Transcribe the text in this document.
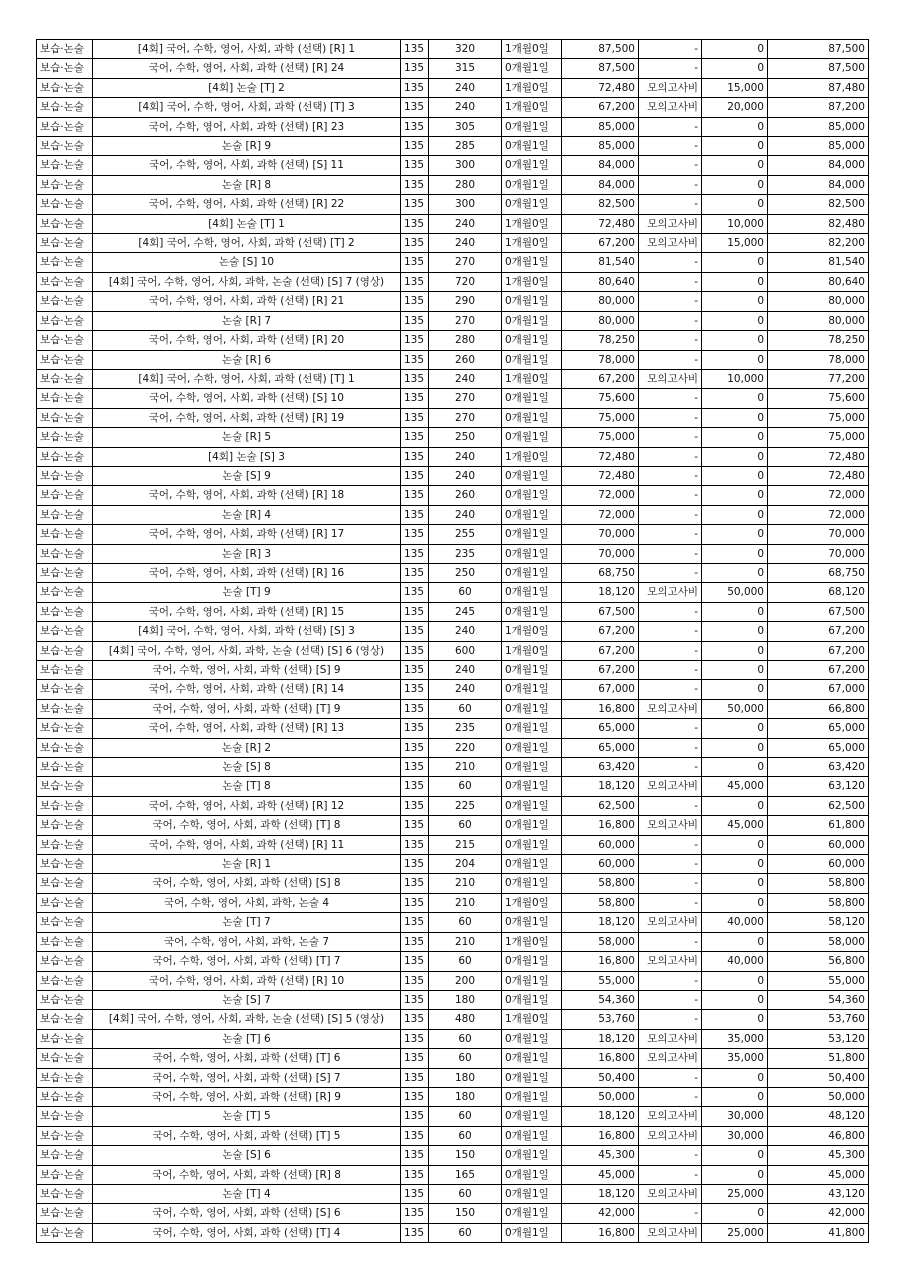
보습·논술	[4회] 국어, 수학, 영어, 사회, 과학 (선택) [R] 1	135	320	1개월0일	87,500	-	0	87,500
보습·논술	국어, 수학, 영어, 사회, 과학 (선택) [R] 24	135	315	0개월1일	87,500	-	0	87,500
보습·논술	[4회] 논술 [T] 2	135	240	1개월0일	72,480	모의고사비	15,000	87,480
보습·논술	[4회] 국어, 수학, 영어, 사회, 과학 (선택) [T] 3	135	240	1개월0일	67,200	모의고사비	20,000	87,200
보습·논술	국어, 수학, 영어, 사회, 과학 (선택) [R] 23	135	305	0개월1일	85,000	-	0	85,000
보습·논술	논술 [R] 9	135	285	0개월1일	85,000	-	0	85,000
보습·논술	국어, 수학, 영어, 사회, 과학 (선택) [S] 11	135	300	0개월1일	84,000	-	0	84,000
보습·논술	논술 [R] 8	135	280	0개월1일	84,000	-	0	84,000
보습·논술	국어, 수학, 영어, 사회, 과학 (선택) [R] 22	135	300	0개월1일	82,500	-	0	82,500
보습·논술	[4회] 논술 [T] 1	135	240	1개월0일	72,480	모의고사비	10,000	82,480
보습·논술	[4회] 국어, 수학, 영어, 사회, 과학 (선택) [T] 2	135	240	1개월0일	67,200	모의고사비	15,000	82,200
보습·논술	논술 [S] 10	135	270	0개월1일	81,540	-	0	81,540
보습·논술	[4회] 국어, 수학, 영어, 사회, 과학, 논술 (선택) [S] 7 (영상)	135	720	1개월0일	80,640	-	0	80,640
보습·논술	국어, 수학, 영어, 사회, 과학 (선택) [R] 21	135	290	0개월1일	80,000	-	0	80,000
보습·논술	논술 [R] 7	135	270	0개월1일	80,000	-	0	80,000
보습·논술	국어, 수학, 영어, 사회, 과학 (선택) [R] 20	135	280	0개월1일	78,250	-	0	78,250
보습·논술	논술 [R] 6	135	260	0개월1일	78,000	-	0	78,000
보습·논술	[4회] 국어, 수학, 영어, 사회, 과학 (선택) [T] 1	135	240	1개월0일	67,200	모의고사비	10,000	77,200
보습·논술	국어, 수학, 영어, 사회, 과학 (선택) [S] 10	135	270	0개월1일	75,600	-	0	75,600
보습·논술	국어, 수학, 영어, 사회, 과학 (선택) [R] 19	135	270	0개월1일	75,000	-	0	75,000
보습·논술	논술 [R] 5	135	250	0개월1일	75,000	-	0	75,000
보습·논술	[4회] 논술 [S] 3	135	240	1개월0일	72,480	-	0	72,480
보습·논술	논술 [S] 9	135	240	0개월1일	72,480	-	0	72,480
보습·논술	국어, 수학, 영어, 사회, 과학 (선택) [R] 18	135	260	0개월1일	72,000	-	0	72,000
보습·논술	논술 [R] 4	135	240	0개월1일	72,000	-	0	72,000
보습·논술	국어, 수학, 영어, 사회, 과학 (선택) [R] 17	135	255	0개월1일	70,000	-	0	70,000
보습·논술	논술 [R] 3	135	235	0개월1일	70,000	-	0	70,000
보습·논술	국어, 수학, 영어, 사회, 과학 (선택) [R] 16	135	250	0개월1일	68,750	-	0	68,750
보습·논술	논술 [T] 9	135	60	0개월1일	18,120	모의고사비	50,000	68,120
보습·논술	국어, 수학, 영어, 사회, 과학 (선택) [R] 15	135	245	0개월1일	67,500	-	0	67,500
보습·논술	[4회] 국어, 수학, 영어, 사회, 과학 (선택) [S] 3	135	240	1개월0일	67,200	-	0	67,200
보습·논술	[4회] 국어, 수학, 영어, 사회, 과학, 논술 (선택) [S] 6 (영상)	135	600	1개월0일	67,200	-	0	67,200
보습·논술	국어, 수학, 영어, 사회, 과학 (선택) [S] 9	135	240	0개월1일	67,200	-	0	67,200
보습·논술	국어, 수학, 영어, 사회, 과학 (선택) [R] 14	135	240	0개월1일	67,000	-	0	67,000
보습·논술	국어, 수학, 영어, 사회, 과학 (선택) [T] 9	135	60	0개월1일	16,800	모의고사비	50,000	66,800
보습·논술	국어, 수학, 영어, 사회, 과학 (선택) [R] 13	135	235	0개월1일	65,000	-	0	65,000
보습·논술	논술 [R] 2	135	220	0개월1일	65,000	-	0	65,000
보습·논술	논술 [S] 8	135	210	0개월1일	63,420	-	0	63,420
보습·논술	논술 [T] 8	135	60	0개월1일	18,120	모의고사비	45,000	63,120
보습·논술	국어, 수학, 영어, 사회, 과학 (선택) [R] 12	135	225	0개월1일	62,500	-	0	62,500
보습·논술	국어, 수학, 영어, 사회, 과학 (선택) [T] 8	135	60	0개월1일	16,800	모의고사비	45,000	61,800
보습·논술	국어, 수학, 영어, 사회, 과학 (선택) [R] 11	135	215	0개월1일	60,000	-	0	60,000
보습·논술	논술 [R] 1	135	204	0개월1일	60,000	-	0	60,000
보습·논술	국어, 수학, 영어, 사회, 과학 (선택) [S] 8	135	210	0개월1일	58,800	-	0	58,800
보습·논술	국어, 수학, 영어, 사회, 과학, 논술 4	135	210	1개월0일	58,800	-	0	58,800
보습·논술	논술 [T] 7	135	60	0개월1일	18,120	모의고사비	40,000	58,120
보습·논술	국어, 수학, 영어, 사회, 과학, 논술 7	135	210	1개월0일	58,000	-	0	58,000
보습·논술	국어, 수학, 영어, 사회, 과학 (선택) [T] 7	135	60	0개월1일	16,800	모의고사비	40,000	56,800
보습·논술	국어, 수학, 영어, 사회, 과학 (선택) [R] 10	135	200	0개월1일	55,000	-	0	55,000
보습·논술	논술 [S] 7	135	180	0개월1일	54,360	-	0	54,360
보습·논술	[4회] 국어, 수학, 영어, 사회, 과학, 논술 (선택) [S] 5 (영상)	135	480	1개월0일	53,760	-	0	53,760
보습·논술	논술 [T] 6	135	60	0개월1일	18,120	모의고사비	35,000	53,120
보습·논술	국어, 수학, 영어, 사회, 과학 (선택) [T] 6	135	60	0개월1일	16,800	모의고사비	35,000	51,800
보습·논술	국어, 수학, 영어, 사회, 과학 (선택) [S] 7	135	180	0개월1일	50,400	-	0	50,400
보습·논술	국어, 수학, 영어, 사회, 과학 (선택) [R] 9	135	180	0개월1일	50,000	-	0	50,000
보습·논술	논술 [T] 5	135	60	0개월1일	18,120	모의고사비	30,000	48,120
보습·논술	국어, 수학, 영어, 사회, 과학 (선택) [T] 5	135	60	0개월1일	16,800	모의고사비	30,000	46,800
보습·논술	논술 [S] 6	135	150	0개월1일	45,300	-	0	45,300
보습·논술	국어, 수학, 영어, 사회, 과학 (선택) [R] 8	135	165	0개월1일	45,000	-	0	45,000
보습·논술	논술 [T] 4	135	60	0개월1일	18,120	모의고사비	25,000	43,120
보습·논술	국어, 수학, 영어, 사회, 과학 (선택) [S] 6	135	150	0개월1일	42,000	-	0	42,000
보습·논술	국어, 수학, 영어, 사회, 과학 (선택) [T] 4	135	60	0개월1일	16,800	모의고사비	25,000	41,800
